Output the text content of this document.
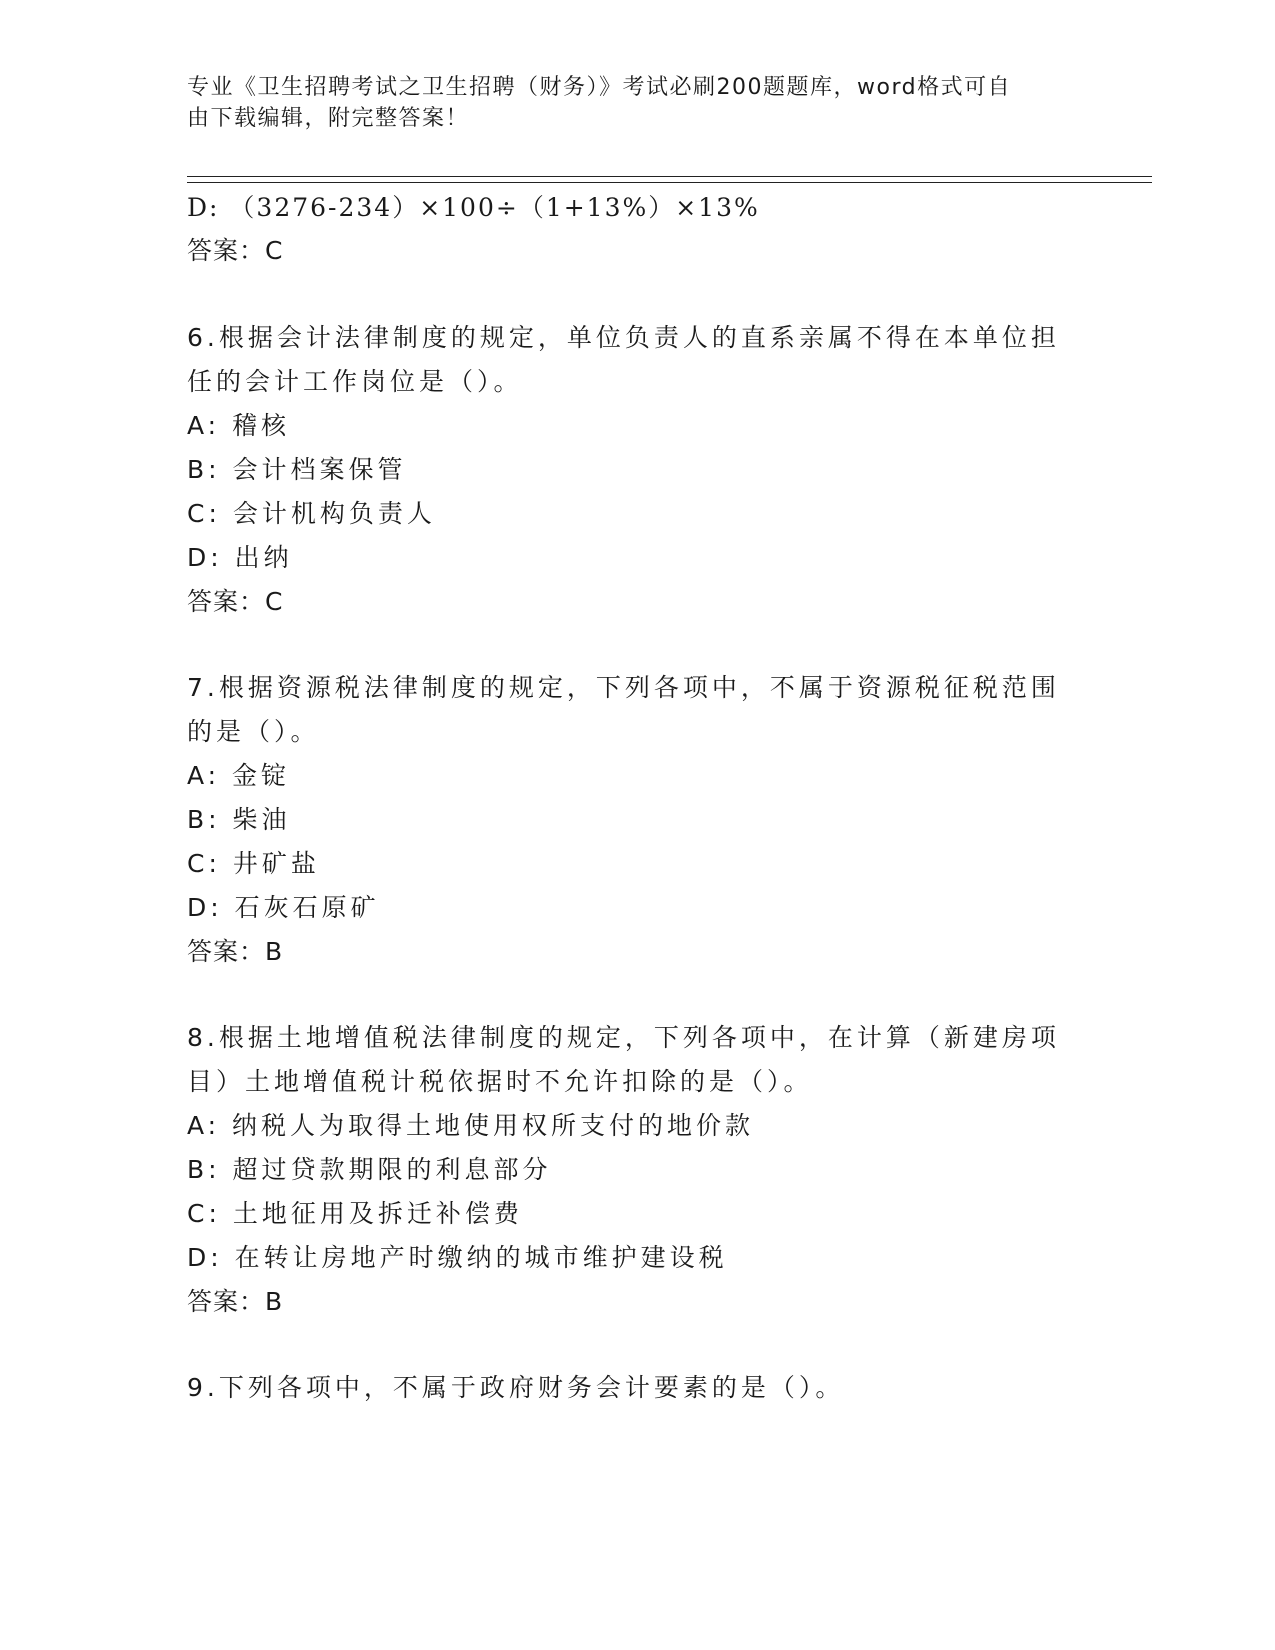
专业《卫生招聘考试之卫生招聘（财务）》考试必刷200题题库，word格式可自
由下载编辑，附完整答案！
D: （3276-234）×100÷（1+13%）×13%
答案：C
6.根据会计法律制度的规定，单位负责人的直系亲属不得在本单位担
任的会计工作岗位是（）。
A: 稽核
B: 会计档案保管
C: 会计机构负责人
D: 出纳
答案：C
7.根据资源税法律制度的规定，下列各项中，不属于资源税征税范围
的是（）。
A: 金锭
B: 柴油
C: 井矿盐
D: 石灰石原矿
答案：B
8.根据土地增值税法律制度的规定，下列各项中，在计算（新建房项
目）土地增值税计税依据时不允许扣除的是（）。
A: 纳税人为取得土地使用权所支付的地价款
B: 超过贷款期限的利息部分
C: 土地征用及拆迁补偿费
D: 在转让房地产时缴纳的城市维护建设税
答案：B
9.下列各项中，不属于政府财务会计要素的是（）。
